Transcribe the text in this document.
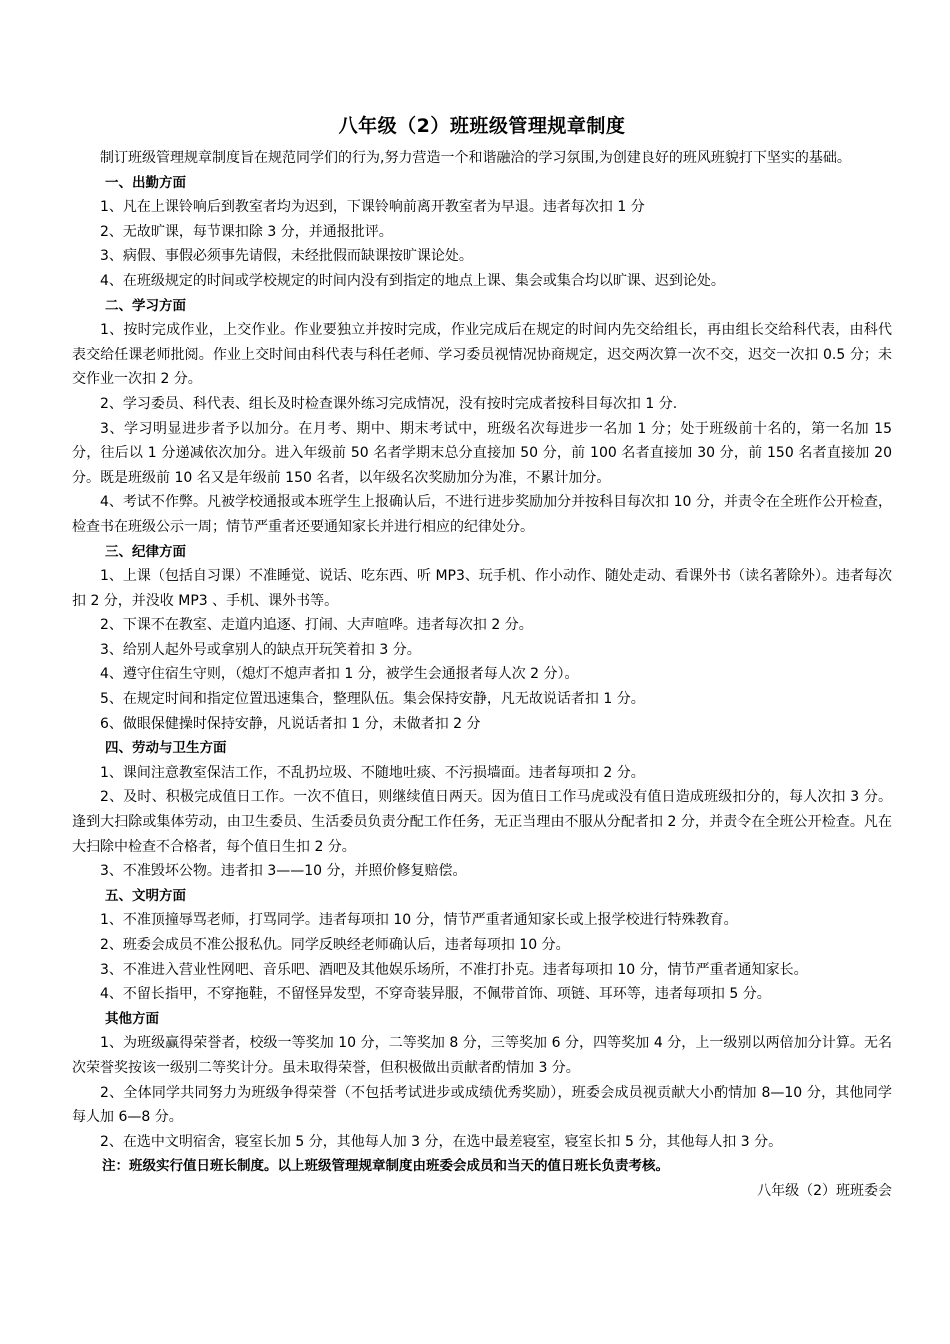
八年级（2）班班级管理规章制度

制订班级管理规章制度旨在规范同学们的行为,努力营造一个和谐融洽的学习氛围,为创建良好的班风班貌打下坚实的基础。

一、出勤方面

1、凡在上课铃响后到教室者均为迟到，下课铃响前离开教室者为早退。违者每次扣 1 分

2、无故旷课，每节课扣除 3 分，并通报批评。

3、病假、事假必须事先请假，未经批假而缺课按旷课论处。

4、在班级规定的时间或学校规定的时间内没有到指定的地点上课、集会或集合均以旷课、迟到论处。

二、学习方面

1、按时完成作业，上交作业。作业要独立并按时完成，作业完成后在规定的时间内先交给组长，再由组长交给科代表，由科代表交给任课老师批阅。作业上交时间由科代表与科任老师、学习委员视情况协商规定，迟交两次算一次不交，迟交一次扣 0.5 分；未交作业一次扣 2 分。

2、学习委员、科代表、组长及时检查课外练习完成情况，没有按时完成者按科目每次扣 1 分.

3、学习明显进步者予以加分。在月考、期中、期末考试中，班级名次每进步一名加 1 分；处于班级前十名的，第一名加 15 分，往后以 1 分递减依次加分。进入年级前 50 名者学期末总分直接加 50 分，前 100 名者直接加 30 分，前 150 名者直接加 20 分。既是班级前 10 名又是年级前 150 名者，以年级名次奖励加分为准，不累计加分。

4、考试不作弊。凡被学校通报或本班学生上报确认后，不进行进步奖励加分并按科目每次扣 10 分，并责令在全班作公开检查，检查书在班级公示一周；情节严重者还要通知家长并进行相应的纪律处分。

三、纪律方面

1、上课（包括自习课）不准睡觉、说话、吃东西、听 MP3、玩手机、作小动作、随处走动、看课外书（读名著除外）。违者每次扣 2 分，并没收 MP3 、手机、课外书等。

2、下课不在教室、走道内追逐、打闹、大声喧哗。违者每次扣 2 分。

3、给别人起外号或拿别人的缺点开玩笑着扣 3 分。

4、遵守住宿生守则，（熄灯不熄声者扣 1 分，被学生会通报者每人次 2 分）。

5、在规定时间和指定位置迅速集合，整理队伍。集会保持安静，凡无故说话者扣 1 分。

6、做眼保健操时保持安静，凡说话者扣 1 分，未做者扣 2 分

四、劳动与卫生方面

1、课间注意教室保洁工作，不乱扔垃圾、不随地吐痰、不污损墙面。违者每项扣 2 分。

2、及时、积极完成值日工作。一次不值日，则继续值日两天。因为值日工作马虎或没有值日造成班级扣分的，每人次扣 3 分。逢到大扫除或集体劳动，由卫生委员、生活委员负责分配工作任务，无正当理由不服从分配者扣 2 分，并责令在全班公开检查。凡在大扫除中检查不合格者，每个值日生扣 2 分。

3、不准毁坏公物。违者扣 3——10 分，并照价修复赔偿。

五、文明方面

1、不准顶撞辱骂老师，打骂同学。违者每项扣 10 分，情节严重者通知家长或上报学校进行特殊教育。

2、班委会成员不准公报私仇。同学反映经老师确认后，违者每项扣 10 分。

3、不准进入营业性网吧、音乐吧、酒吧及其他娱乐场所，不准打扑克。违者每项扣 10 分，情节严重者通知家长。

4、不留长指甲，不穿拖鞋，不留怪异发型，不穿奇装异服，不佩带首饰、项链、耳环等，违者每项扣 5 分。

其他方面

1、为班级赢得荣誉者，校级一等奖加 10 分，二等奖加 8 分，三等奖加 6 分，四等奖加 4 分，上一级别以两倍加分计算。无名次荣誉奖按该一级别二等奖计分。虽未取得荣誉，但积极做出贡献者酌情加 3 分。

2、全体同学共同努力为班级争得荣誉（不包括考试进步或成绩优秀奖励），班委会成员视贡献大小酌情加 8—10 分，其他同学每人加 6—8 分。

2、在选中文明宿舍，寝室长加 5 分，其他每人加 3 分，在选中最差寝室，寝室长扣 5 分，其他每人扣 3 分。

注：班级实行值日班长制度。以上班级管理规章制度由班委会成员和当天的值日班长负责考核。

八年级（2）班班委会
